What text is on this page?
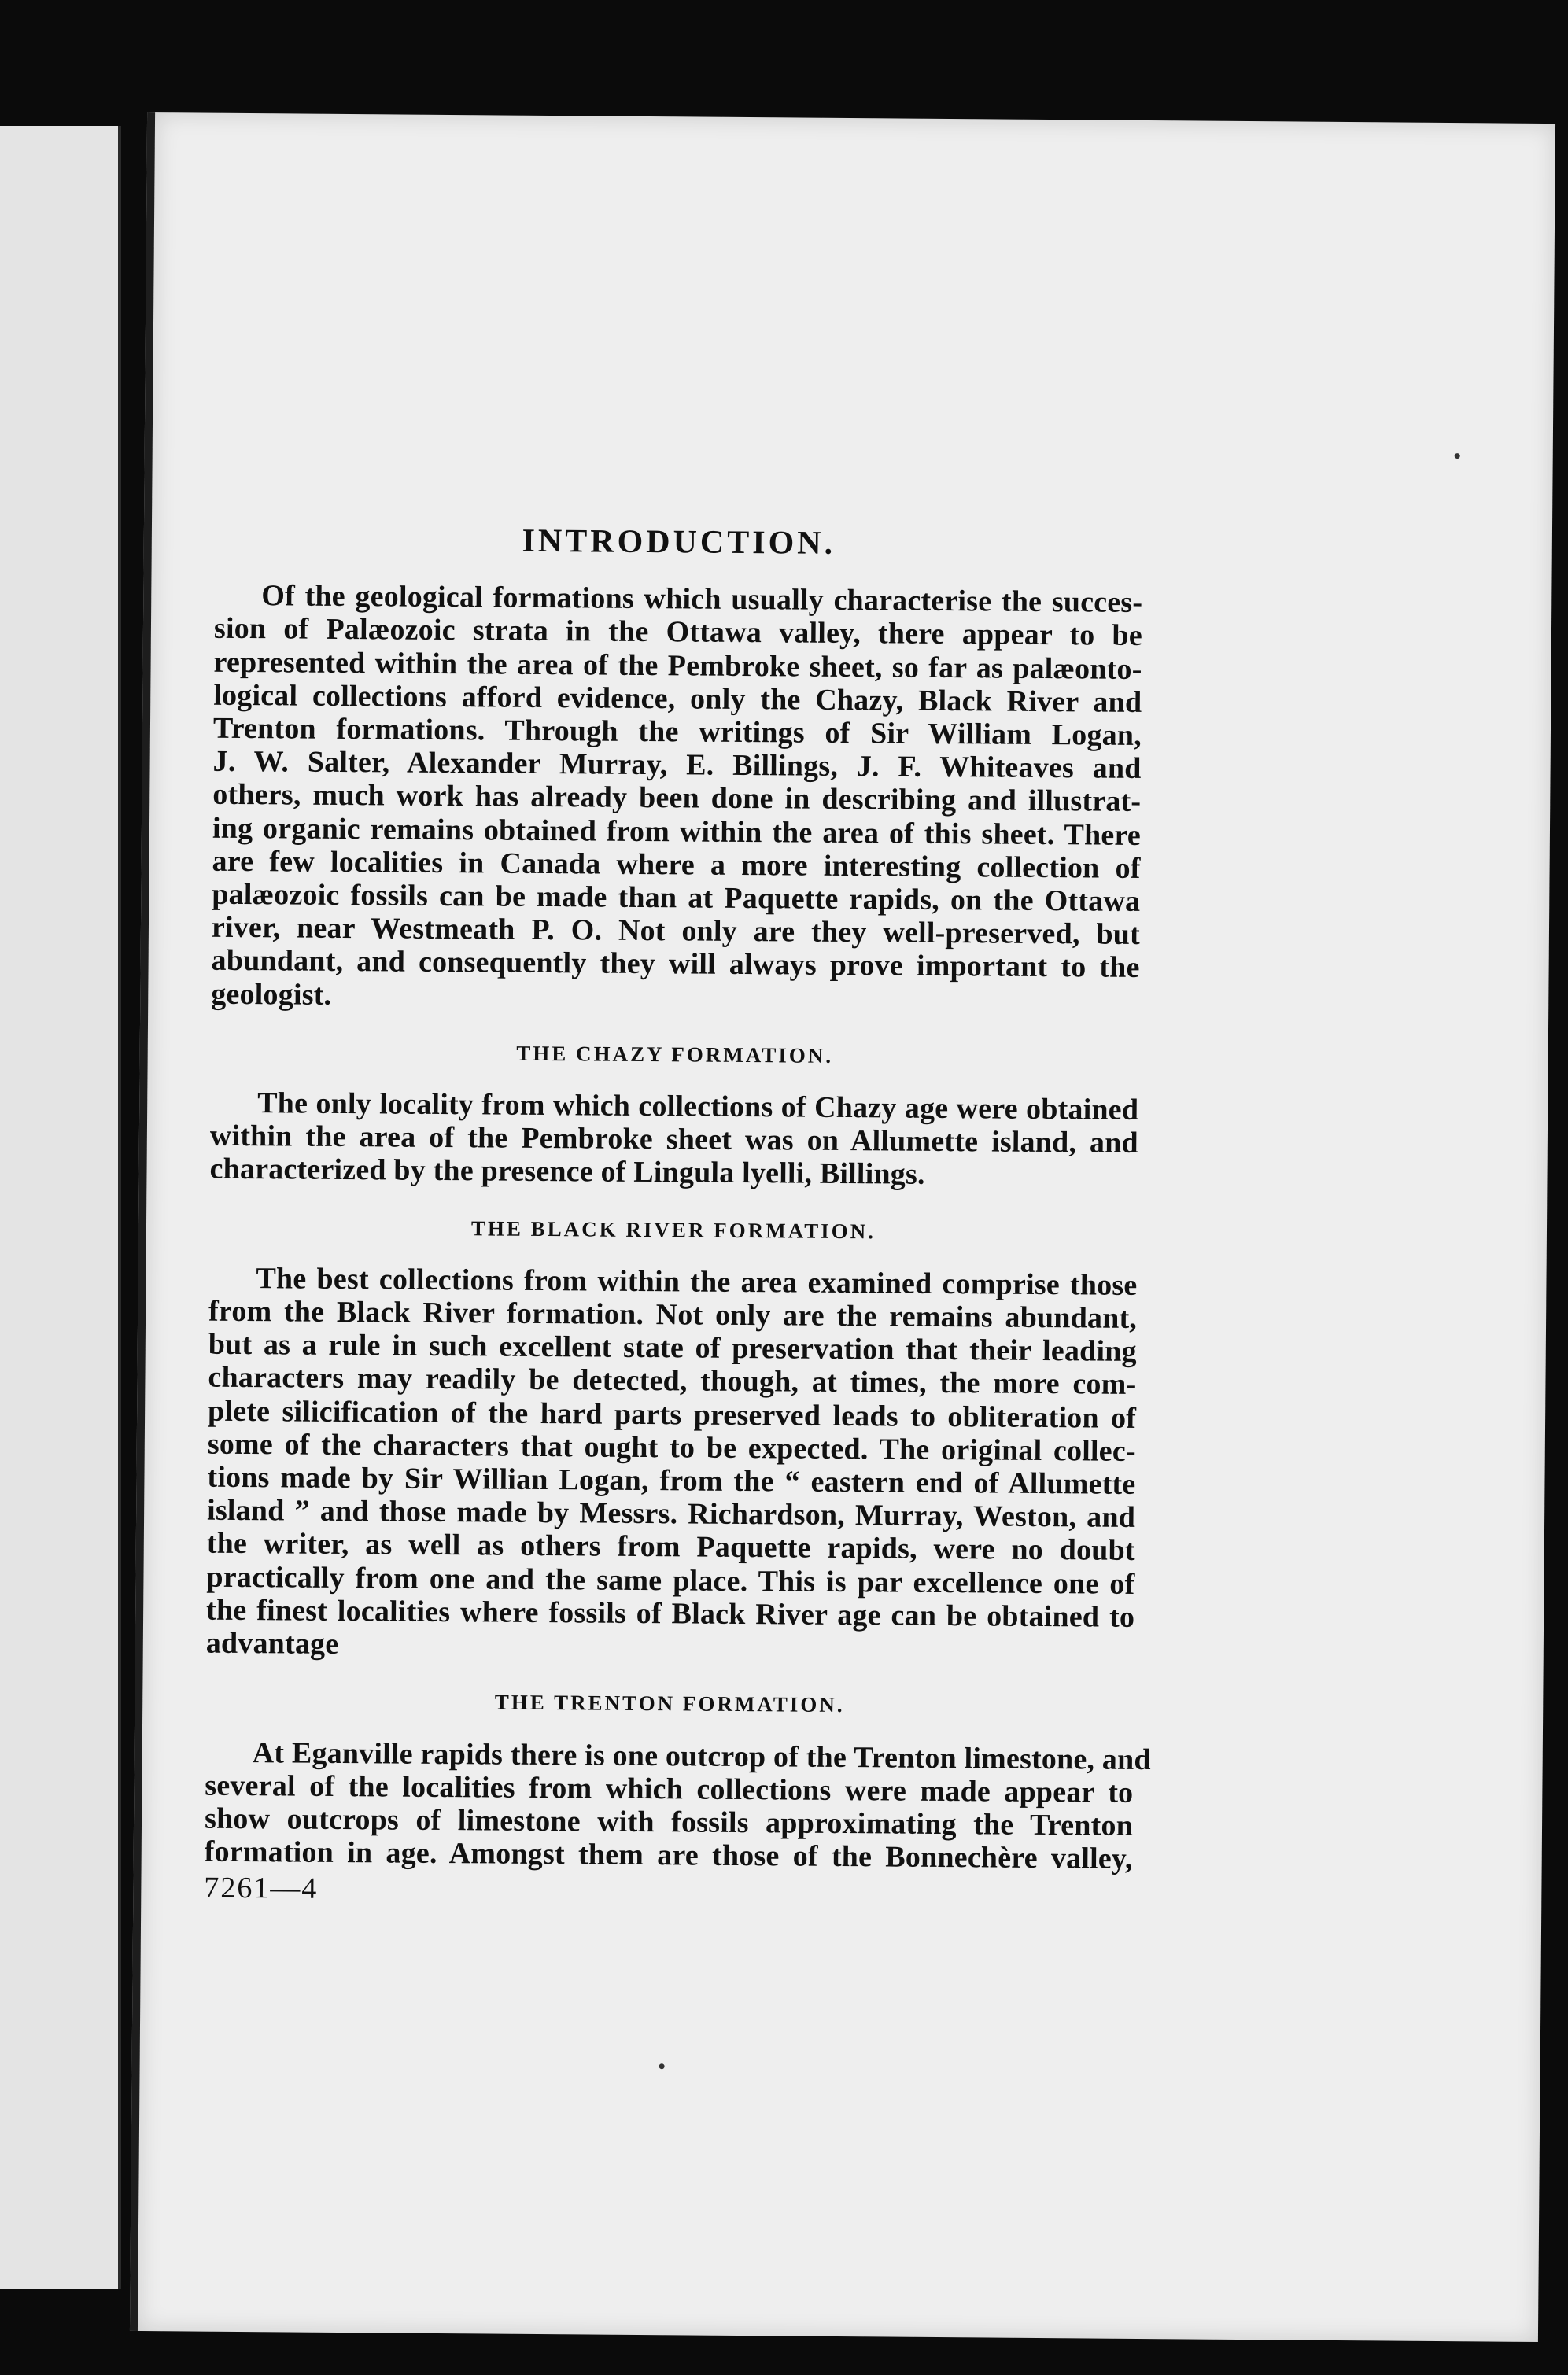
INTRODUCTION.
Of the geological formations which usually characterise the succes-
sion of Palæozoic strata in the Ottawa valley, there appear to be
represented within the area of the Pembroke sheet, so far as palæonto-
logical collections afford evidence, only the Chazy, Black River and
Trenton formations. Through the writings of Sir William Logan,
J. W. Salter, Alexander Murray, E. Billings, J. F. Whiteaves and
others, much work has already been done in describing and illustrat-
ing organic remains obtained from within the area of this sheet. There
are few localities in Canada where a more interesting collection of
palæozoic fossils can be made than at Paquette rapids, on the Ottawa
river, near Westmeath P. O. Not only are they well-preserved, but
abundant, and consequently they will always prove important to the
geologist.
THE CHAZY FORMATION.
The only locality from which collections of Chazy age were obtained
within the area of the Pembroke sheet was on Allumette island, and
characterized by the presence of Lingula lyelli, Billings.
THE BLACK RIVER FORMATION.
The best collections from within the area examined comprise those
from the Black River formation. Not only are the remains abundant,
but as a rule in such excellent state of preservation that their leading
characters may readily be detected, though, at times, the more com-
plete silicification of the hard parts preserved leads to obliteration of
some of the characters that ought to be expected. The original collec-
tions made by Sir Willian Logan, from the “ eastern end of Allumette
island ” and those made by Messrs. Richardson, Murray, Weston, and
the writer, as well as others from Paquette rapids, were no doubt
practically from one and the same place. This is par excellence one of
the finest localities where fossils of Black River age can be obtained to
advantage
THE TRENTON FORMATION.
At Eganville rapids there is one outcrop of the Trenton limestone, and
several of the localities from which collections were made appear to
show outcrops of limestone with fossils approximating the Trenton
formation in age. Amongst them are those of the Bonnechère valley,
7261—4
